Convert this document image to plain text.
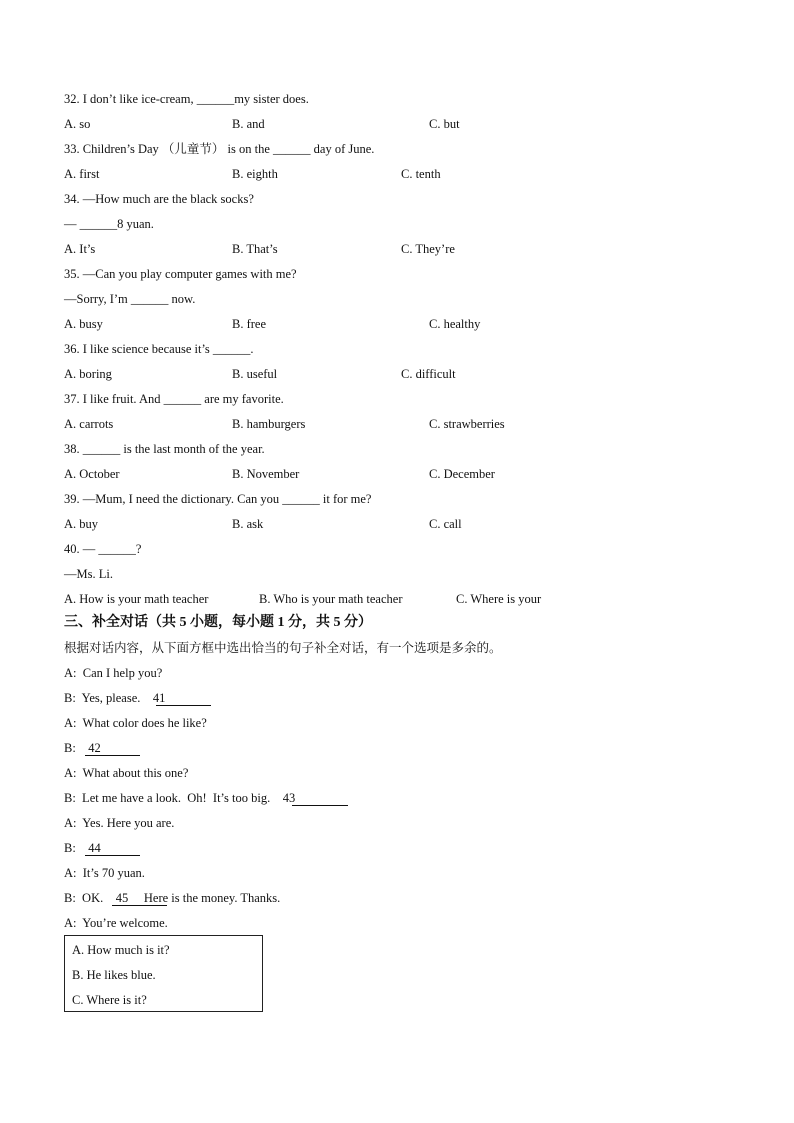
32. I don’t like ice-cream, ______my sister does.
A. so	B. and	C. but
33. Children’s Day （儿童节） is on the ______ day of June.
A. first	B. eighth	C. tenth
34. —How much are the black socks?
— ______8 yuan.
A. It’s	B. That’s	C. They’re
35. —Can you play computer games with me?
—Sorry, I’m ______ now.
A. busy	B. free	C. healthy
36. I like science because it’s ______.
A. boring	B. useful	C. difficult
37. I like fruit. And ______ are my favorite.
A. carrots	B. hamburgers	C. strawberries
38. ______ is the last month of the year.
A. October	B. November	C. December
39. —Mum, I need the dictionary. Can you ______ it for me?
A. buy	B. ask	C. call
40. — ______?
—Ms. Li.
A. How is your math teacher	B. Who is your math teacher	C. Where is your
三、补全对话（共 5 小题，每小题 1 分，共 5 分）
根据对话内容，从下面方框中选出恰当的句子补全对话，有一个选项是多余的。
A:  Can I help you?
B:  Yes, please.    41
A:  What color does he like?
B:    42
A:  What about this one?
B:  Let me have a look.  Oh!  It’s too big.    43
A:  Yes. Here you are.
B:    44
A:  It’s 70 yuan.
B:  OK.    45     Here is the money. Thanks.
A:  You’re welcome.
A. How much is it?
B. He likes blue.
C. Where is it?
